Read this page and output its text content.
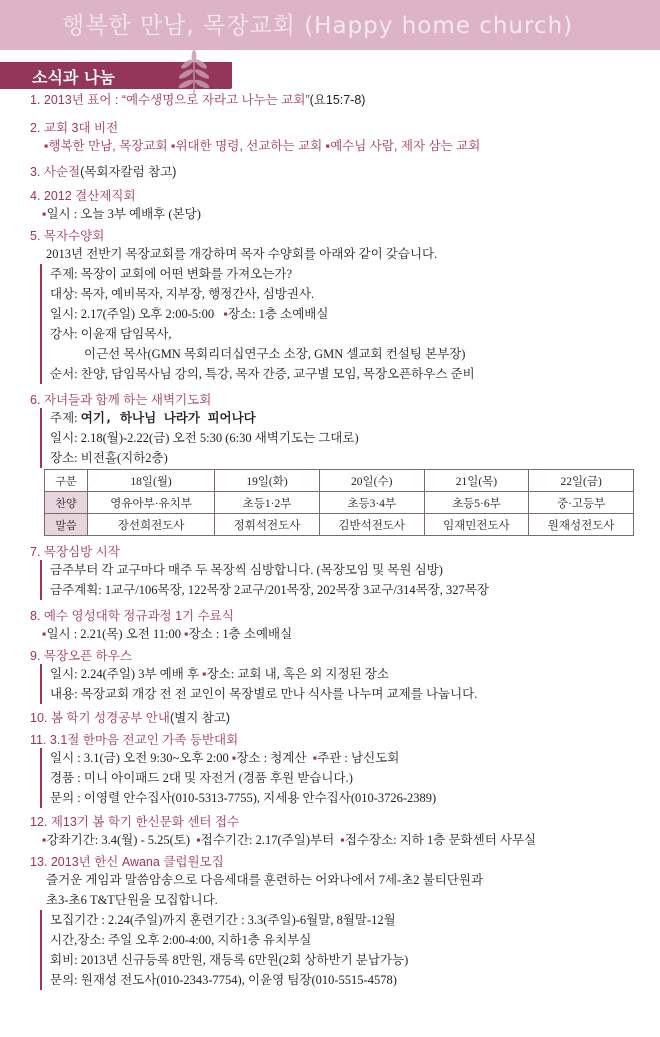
행복한 만남, 목장교회 (Happy home church)
소식과 나눔
1. 2013년 표어 : “예수생명으로 자라고 나누는 교회”(요15:7-8)
2. 교회 3대 비전
▪행복한 만남, 목장교회 ▪위대한 명령, 선교하는 교회 ▪예수님 사람, 제자 삼는 교회
3. 사순절(목회자칼럼 참고)
4. 2012 결산제직회
▪일시 : 오늘 3부 예배후 (본당)
5. 목자수양회
2013년 전반기 목장교회를 개강하며 목자 수양회를 아래와 같이 갖습니다.
주제: 목장이 교회에 어떤 변화를 가져오는가?
대상: 목자, 예비목자, 지부장, 행정간사, 심방권사.
일시: 2.17(주일) 오후 2:00-5:00 ▪장소: 1층 소예배실
강사: 이윤재 담임목사,
이근선 목사(GMN 목회리더십연구소 소장, GMN 셀교회 컨설팅 본부장)
순서: 찬양, 담임목사님 강의, 특강, 목자 간증, 교구별 모임, 목장오픈하우스 준비
6. 자녀들과 함께 하는 새벽기도회
주제: 여기, 하나님 나라가 피어나다
일시: 2.18(월)-2.22(금) 오전 5:30 (6:30 새벽기도는 그대로)
장소: 비전홀(지하2층)
구분	18일(월)	19일(화)	20일(수)	21일(목)	22일(금)
찬양	영유아부·유치부	초등1·2부	초등3·4부	초등5·6부	중·고등부
말씀	장선희전도사	정휘석전도사	김반석전도사	임재민전도사	원재성전도사
7. 목장심방 시작
금주부터 각 교구마다 매주 두 목장씩 심방합니다. (목장모임 및 목원 심방)
금주계획: 1교구/106목장, 122목장 2교구/201목장, 202목장 3교구/314목장, 327목장
8. 예수 영성대학 정규과정 1기 수료식
▪일시 : 2.21(목) 오전 11:00 ▪장소 : 1층 소예배실
9. 목장오픈 하우스
일시: 2.24(주일) 3부 예배 후 ▪장소: 교회 내, 혹은 외 지정된 장소
내용: 목장교회 개강 전 전 교인이 목장별로 만나 식사를 나누며 교제를 나눕니다.
10. 봄 학기 성경공부 안내(별지 참고)
11. 3.1절 한마음 전교인 가족 등반대회
일시 : 3.1(금) 오전 9:30~오후 2:00 ▪장소 : 청계산 ▪주관 : 남신도회
경품 : 미니 아이패드 2대 및 자전거 (경품 후원 받습니다.)
문의 : 이영렬 안수집사(010-5313-7755), 지세용 안수집사(010-3726-2389)
12. 제13기 봄 학기 한신문화 센터 접수
▪강좌기간: 3.4(월) - 5.25(토) ▪접수기간: 2.17(주일)부터 ▪접수장소: 지하 1층 문화센터 사무실
13. 2013년 한신 Awana 클럽원모집
즐거운 게임과 말씀암송으로 다음세대를 훈련하는 어와나에서 7세-초2 불티단원과
초3-초6 T&T단원을 모집합니다.
모집기간 : 2.24(주일)까지 훈련기간 : 3.3(주일)-6월말, 8월말-12월
시간,장소: 주일 오후 2:00-4:00, 지하1층 유치부실
회비: 2013년 신규등록 8만원, 재등록 6만원(2회 상하반기 분납가능)
문의: 원재성 전도사(010-2343-7754), 이윤영 팀장(010-5515-4578)
